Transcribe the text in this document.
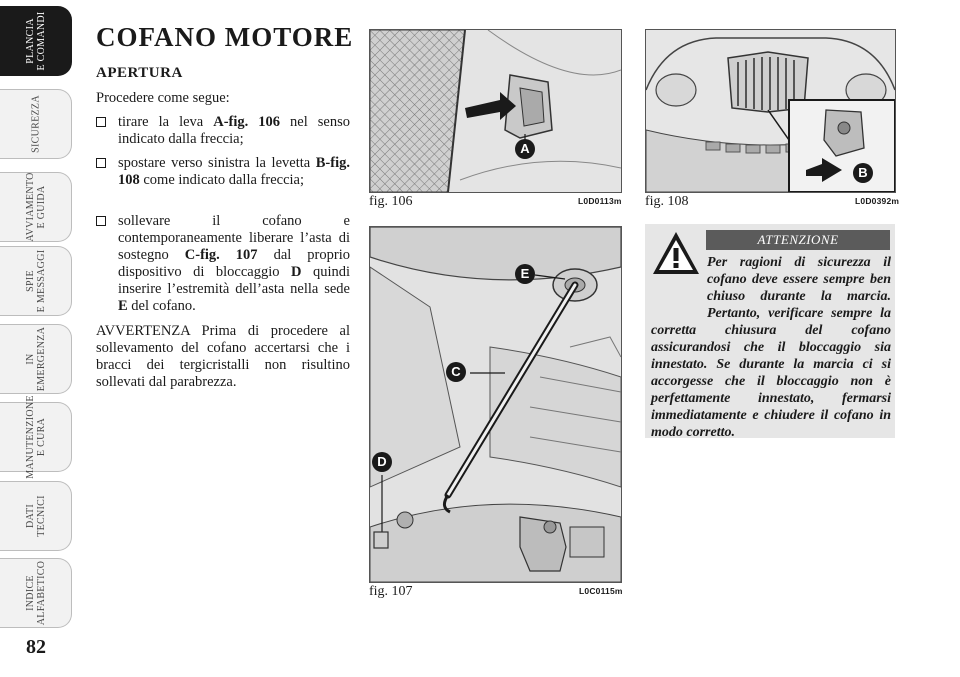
PLANCIA
E COMANDI
SICUREZZA
AVVIAMENTO
E GUIDA
SPIE
E MESSAGGI
IN
EMERGENZA
MANUTENZIONE
E CURA
DATI
TECNICI
INDICE
ALFABETICO
82
COFANO MOTORE
APERTURA
Procedere come segue:
tirare la leva A-fig. 106 nel senso indicato dalla freccia;
spostare verso sinistra la levetta B-fig. 108 come indicato dalla freccia;
sollevare il cofano e contemporaneamente liberare l’asta di sostegno C-fig. 107 dal proprio dispositivo di bloccaggio D quindi inserire l’estremità dell’asta nella sede E del cofano.
AVVERTENZA Prima di procedere al sollevamento del cofano accertarsi che i bracci dei tergicristalli non risultino sollevati dal parabrezza.
fig. 106	L0D0113m
A
fig. 108	L0D0392m
B
fig. 107	L0C0115m
E
C
D
ATTENZIONE
Per ragioni di sicurezza il cofano deve essere sempre ben chiuso durante la marcia. Pertanto, verificare sempre la corretta chiusura del cofano assicurandosi che il bloccaggio sia innestato. Se durante la marcia ci si accorgesse che il bloccaggio non è perfettamente innestato, fermarsi immediatamente e chiudere il cofano in modo corretto.
